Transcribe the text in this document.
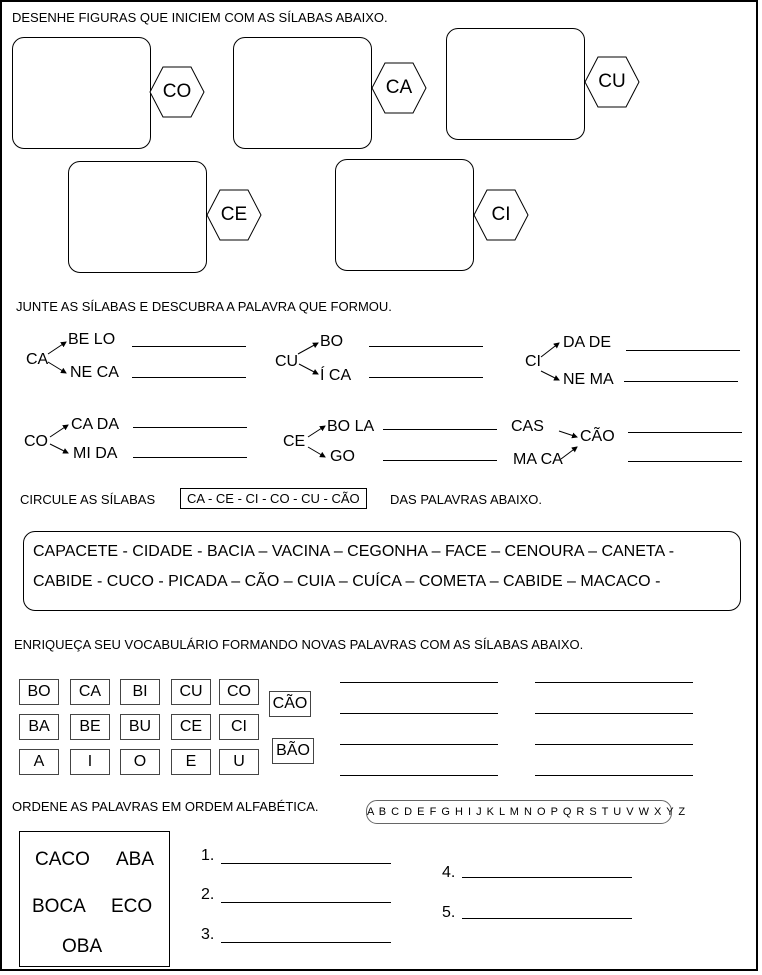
DESENHE FIGURAS QUE INICIEM COM AS SÍLABAS ABAIXO.
CO	CA	CU
CE	CI
JUNTE AS SÍLABAS E DESCUBRA A PALAVRA QUE FORMOU.
CA
BE LO
NE CA
CU
BO
Í CA
CI
DA DE
NE MA
CO
CA DA
MI DA
CE
BO LA
GO
CÃO
CAS
MA CA
CIRCULE AS SÍLABAS	CA - CE - CI - CO - CU - CÃO	DAS PALAVRAS ABAIXO.
CAPACETE - CIDADE - BACIA – VACINA – CEGONHA – FACE – CENOURA – CANETA -
CABIDE - CUCO - PICADA – CÃO – CUIA – CUÍCA – COMETA – CABIDE – MACACO -
ENRIQUEÇA SEU VOCABULÁRIO FORMANDO NOVAS PALAVRAS COM AS SÍLABAS ABAIXO.
BO	CA	BI	CU	CO
BA	BE	BU	CE	CI
A	I	O	E	U
CÃO
BÃO
ORDENE AS PALAVRAS EM ORDEM ALFABÉTICA.	A B C D E F G H I J K L M N O P Q R S T U V W X Y Z
CACO ABA
BOCA ECO
OBA
1.
2.
3.
4.
5.
